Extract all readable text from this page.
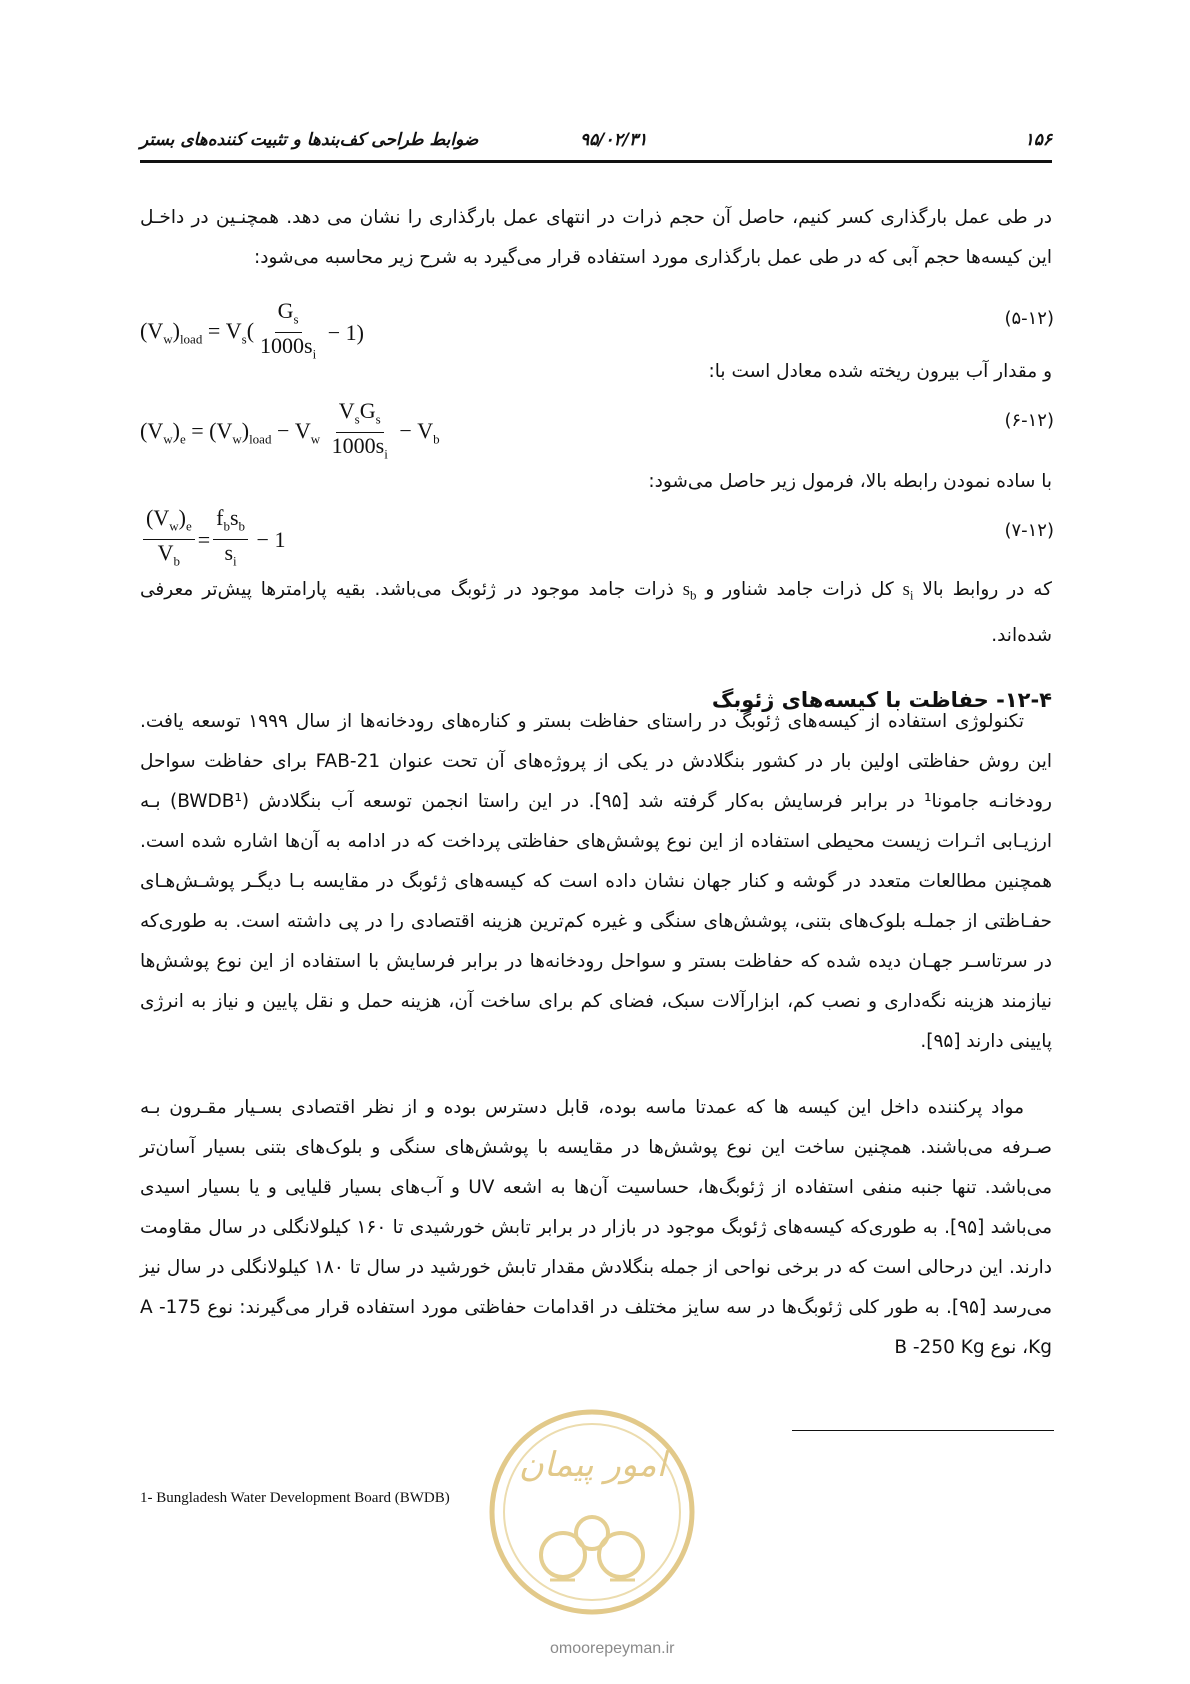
۱۵۶
۹۵/۰۲/۳۱
ضوابط طراحی کف‌بندها و تثبیت کننده‌های بستر
در طی عمل بارگذاری کسر کنیم، حاصل آن حجم ذرات در انتهای عمل بارگذاری را نشان می دهد. همچنـین در داخـل این کیسه‌ها حجم آبی که در طی عمل بارگذاری مورد استفاده قرار می‌گیرد به شرح زیر محاسبه می‌شود:
$(V_w)_{load} = V_s( \frac{G_s}{1000s_i} - 1)$
(۵-۱۲)
و مقدار آب بیرون ریخته شده معادل است با:
$(V_w)_e = (V_w)_{load} - V_w \frac{V_sG_s}{1000s_i} - V_b$
(۶-۱۲)
با ساده نمودن رابطه بالا، فرمول زیر حاصل می‌شود:
$\frac{(V_w)_e}{V_b} = \frac{f_bs_b}{s_i} - 1$	(۷-۱۲)
که در روابط بالا $s_i$ کل ذرات جامد شناور و $s_b$ ذرات جامد موجود در ژئوبگ می‌باشد. بقیه پارامترها پیش‌تر معرفی شده‌اند.
۱۲-۴- حفاظت با کیسه‌های ژئوبگ
تکنولوژی استفاده از کیسه‌های ژئوبگ در راستای حفاظت بستر و کناره‌های رودخانه‌ها از سال ۱۹۹۹ توسعه یافت. این روش حفاظتی اولین بار در کشور بنگلادش در یکی از پروژه‌های آن تحت عنوان FAB-21 برای حفاظت سواحل رودخانـه جامونا¹ در برابر فرسایش به‌کار گرفته شد [۹۵]. در این راستا انجمن توسعه آب بنگلادش (BWDB¹) بـه ارزیـابی اثـرات زیست محیطی استفاده از این نوع پوشش‌های حفاظتی پرداخت که در ادامه به آن‌ها اشاره شده است. همچنین مطالعات متعدد در گوشه و کنار جهان نشان داده است که کیسه‌های ژئوبگ در مقایسه بـا دیگـر پوشـش‌هـای حفـاظتی از جملـه بلوک‌های بتنی، پوشش‌های سنگی و غیره کم‌ترین هزینه اقتصادی را در پی داشته است. به طوری‌که در سرتاسـر جهـان دیده شده که حفاظت بستر و سواحل رودخانه‌ها در برابر فرسایش با استفاده از این نوع پوشش‌ها نیازمند هزینه نگه‌داری و نصب کم، ابزارآلات سبک، فضای کم برای ساخت آن، هزینه حمل و نقل پایین و نیاز به انرژی پایینی دارند [۹۵].
مواد پرکننده داخل این کیسه ها که عمدتا ماسه بوده، قابل دسترس بوده و از نظر اقتصادی بسـیار مقـرون بـه صـرفه می‌باشند. همچنین ساخت این نوع پوشش‌ها در مقایسه با پوشش‌های سنگی و بلوک‌های بتنی بسیار آسان‌تر می‌باشد. تنها جنبه منفی استفاده از ژئوبگ‌ها، حساسیت آن‌ها به اشعه UV و آب‌های بسیار قلیایی و یا بسیار اسیدی می‌باشد [۹۵]. به طوری‌که کیسه‌های ژئوبگ موجود در بازار در برابر تابش خورشیدی تا ۱۶۰ کیلولانگلی در سال مقاومت دارند. این درحالی است که در برخی نواحی از جمله بنگلادش مقدار تابش خورشید در سال تا ۱۸۰ کیلولانگلی در سال نیز می‌رسد [۹۵]. به طور کلی ژئوبگ‌ها در سه سایز مختلف در اقدامات حفاظتی مورد استفاده قرار می‌گیرند: نوع A -175 Kg، نوع B -250 Kg
1- Bungladesh Water Development Board (BWDB)
امور پیمان
omoorepeyman.ir
